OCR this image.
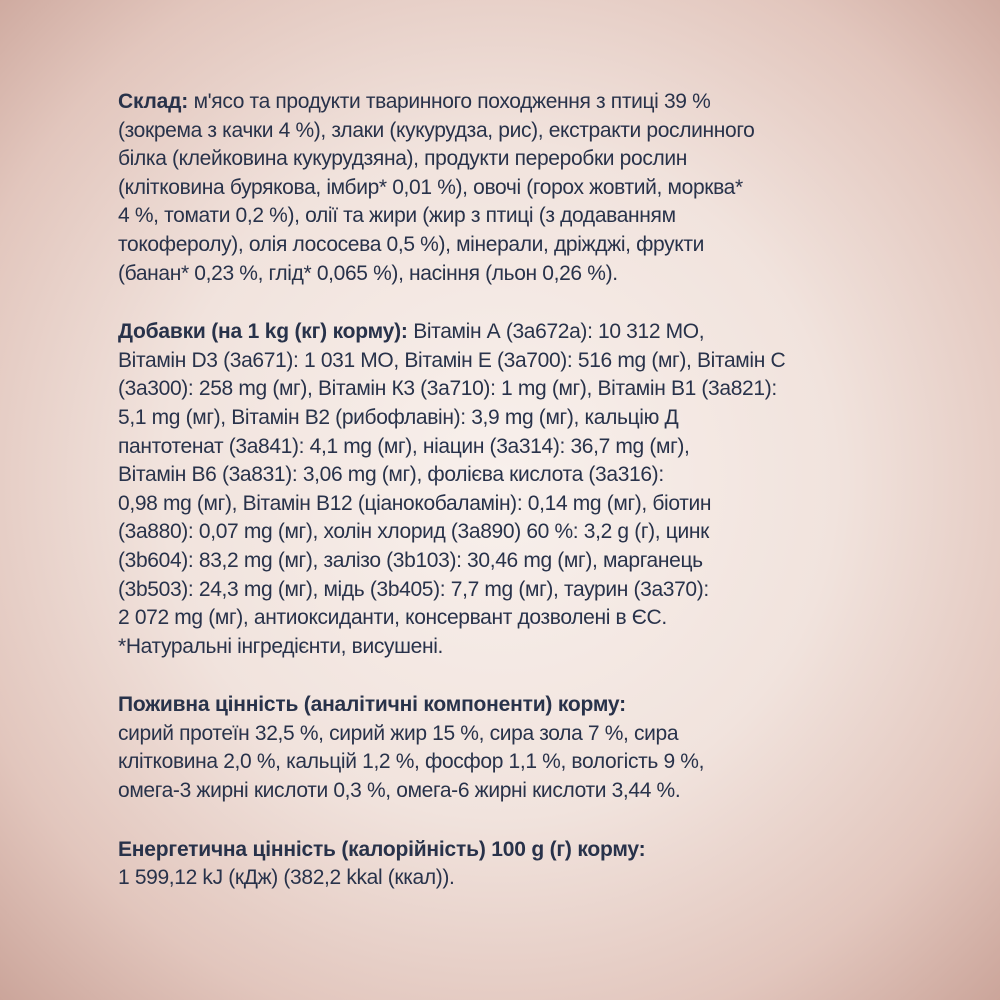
Склад: м'ясо та продукти тваринного походження з птиці 39 %
(зокрема з качки 4 %), злаки (кукурудза, рис), екстракти рослинного
білка (клейковина кукурудзяна), продукти переробки рослин
(клітковина бурякова, імбир* 0,01 %), овочі (горох жовтий, морква*
4 %, томати 0,2 %), олії та жири (жир з птиці (з додаванням
токоферолу), олія лососева 0,5 %), мінерали, дріжджі, фрукти
(банан* 0,23 %, глід* 0,065 %), насіння (льон 0,26 %).
Добавки (на 1 kg (кг) корму): Вітамін А (3а672а): 10 312 МО,
Вітамін D3 (3а671): 1 031 МО, Вітамін Е (3а700): 516 mg (мг), Вітамін С
(3а300): 258 mg (мг), Вітамін К3 (3а710): 1 mg (мг), Вітамін В1 (3а821):
5,1 mg (мг), Вітамін В2 (рибофлавін): 3,9 mg (мг), кальцію Д
пантотенат (3а841): 4,1 mg (мг), ніацин (3а314): 36,7 mg (мг),
Вітамін В6 (3а831): 3,06 mg (мг), фолієва кислота (3а316):
0,98 mg (мг), Вітамін В12 (ціанокобаламін): 0,14 mg (мг), біотин
(3а880): 0,07 mg (мг), холін хлорид (3а890) 60 %: 3,2 g (г), цинк
(3b604): 83,2 mg (мг), залізо (3b103): 30,46 mg (мг), марганець
(3b503): 24,3 mg (мг), мідь (3b405): 7,7 mg (мг), таурин (3а370):
2 072 mg (мг), антиоксиданти, консервант дозволені в ЄС.
*Натуральні інгредієнти, висушені.
Поживна цінність (аналітичні компоненти) корму:
сирий протеїн 32,5 %, сирий жир 15 %, сира зола 7 %, сира
клітковина 2,0 %, кальцій 1,2 %, фосфор 1,1 %, вологість 9 %,
омега-3 жирні кислоти 0,3 %, омега-6 жирні кислоти 3,44 %.
Енергетична цінність (калорійність) 100 g (г) корму:
1 599,12 kJ (кДж) (382,2 kkal (ккал)).
